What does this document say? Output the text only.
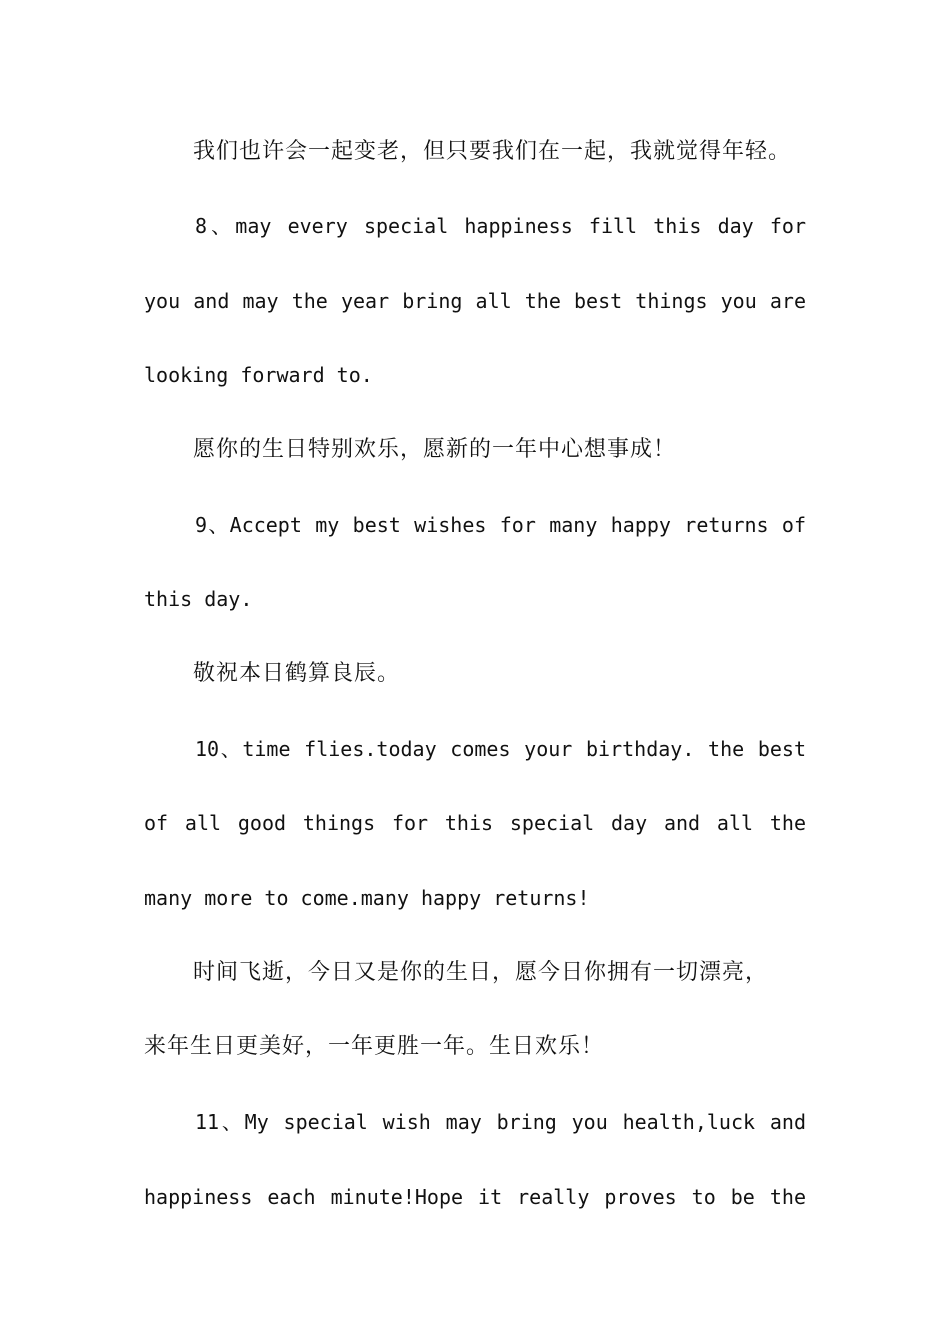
我们也许会一起变老，但只要我们在一起，我就觉得年轻。
8、may every special happiness fill this day for
you and may the year bring all the best things you are
looking forward to.
愿你的生日特别欢乐，愿新的一年中心想事成！
9、Accept my best wishes for many happy returns of
this day.
敬祝本日鹤算良辰。
10、time flies.today comes your birthday. the best
of all good things for this special day and all the
many more to come.many happy returns!
时间飞逝，今日又是你的生日，愿今日你拥有一切漂亮，
来年生日更美好，一年更胜一年。生日欢乐！
11、My special wish may bring you health,luck and
happiness each minute!Hope it really proves to be the
